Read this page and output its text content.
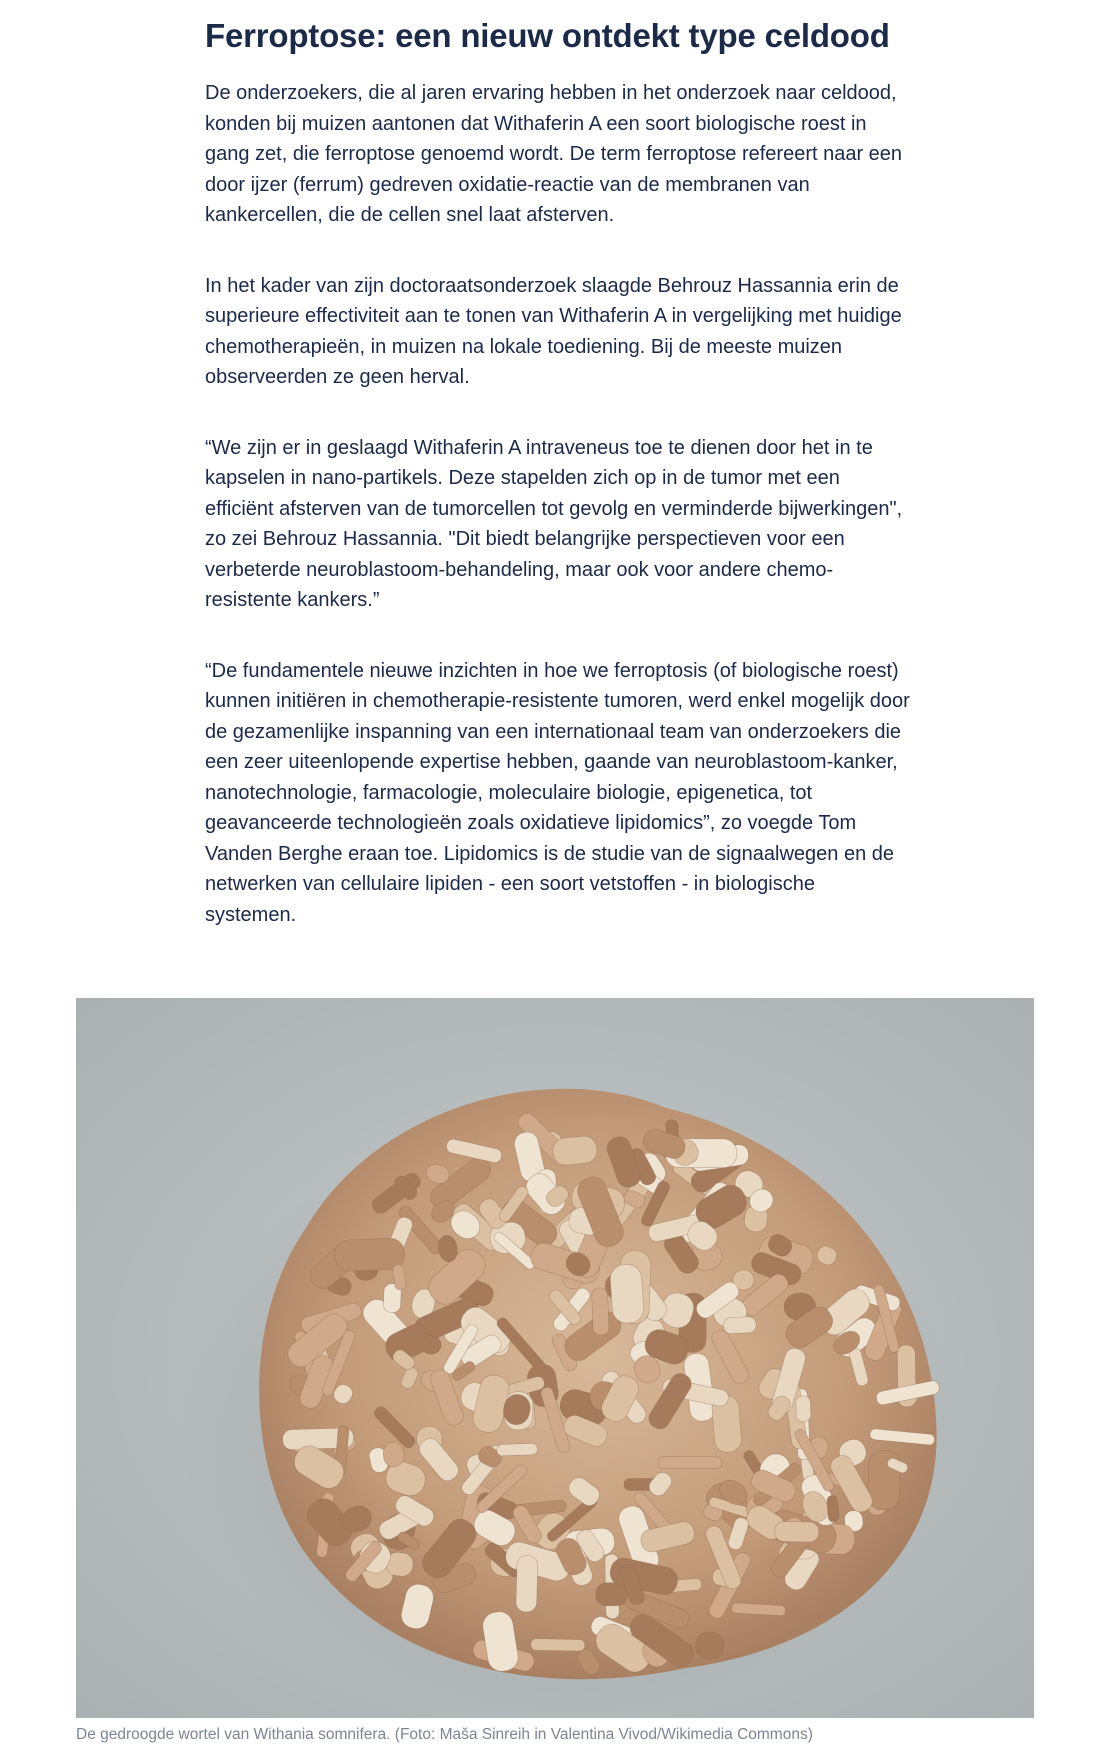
Ferroptose: een nieuw ontdekt type celdood

De onderzoekers, die al jaren ervaring hebben in het onderzoek naar celdood, konden bij muizen aantonen dat Withaferin A een soort biologische roest in gang zet, die ferroptose genoemd wordt. De term ferroptose refereert naar een door ijzer (ferrum) gedreven oxidatie-reactie van de membranen van kankercellen, die de cellen snel laat afsterven.

In het kader van zijn doctoraatsonderzoek slaagde Behrouz Hassannia erin de superieure effectiviteit aan te tonen van Withaferin A in vergelijking met huidige chemotherapieën, in muizen na lokale toediening. Bij de meeste muizen observeerden ze geen herval.

“We zijn er in geslaagd Withaferin A intraveneus toe te dienen door het in te kapselen in nano-partikels. Deze stapelden zich op in de tumor met een efficiënt afsterven van de tumorcellen tot gevolg en verminderde bijwerkingen", zo zei Behrouz Hassannia. "Dit biedt belangrijke perspectieven voor een verbeterde neuroblastoom-behandeling, maar ook voor andere chemo-resistente kankers.”

“De fundamentele nieuwe inzichten in hoe we ferroptosis (of biologische roest) kunnen initiëren in chemotherapie-resistente tumoren, werd enkel mogelijk door de gezamenlijke inspanning van een internationaal team van onderzoekers die een zeer uiteenlopende expertise hebben, gaande van neuroblastoom-kanker, nanotechnologie, farmacologie, moleculaire biologie, epigenetica, tot geavanceerde technologieën zoals oxidatieve lipidomics”, zo voegde Tom Vanden Berghe eraan toe. Lipidomics is de studie van de signaalwegen en de netwerken van cellulaire lipiden - een soort vetstoffen - in biologische systemen.

De gedroogde wortel van Withania somnifera. (Foto: Maša Sinreih in Valentina Vivod/Wikimedia Commons)
